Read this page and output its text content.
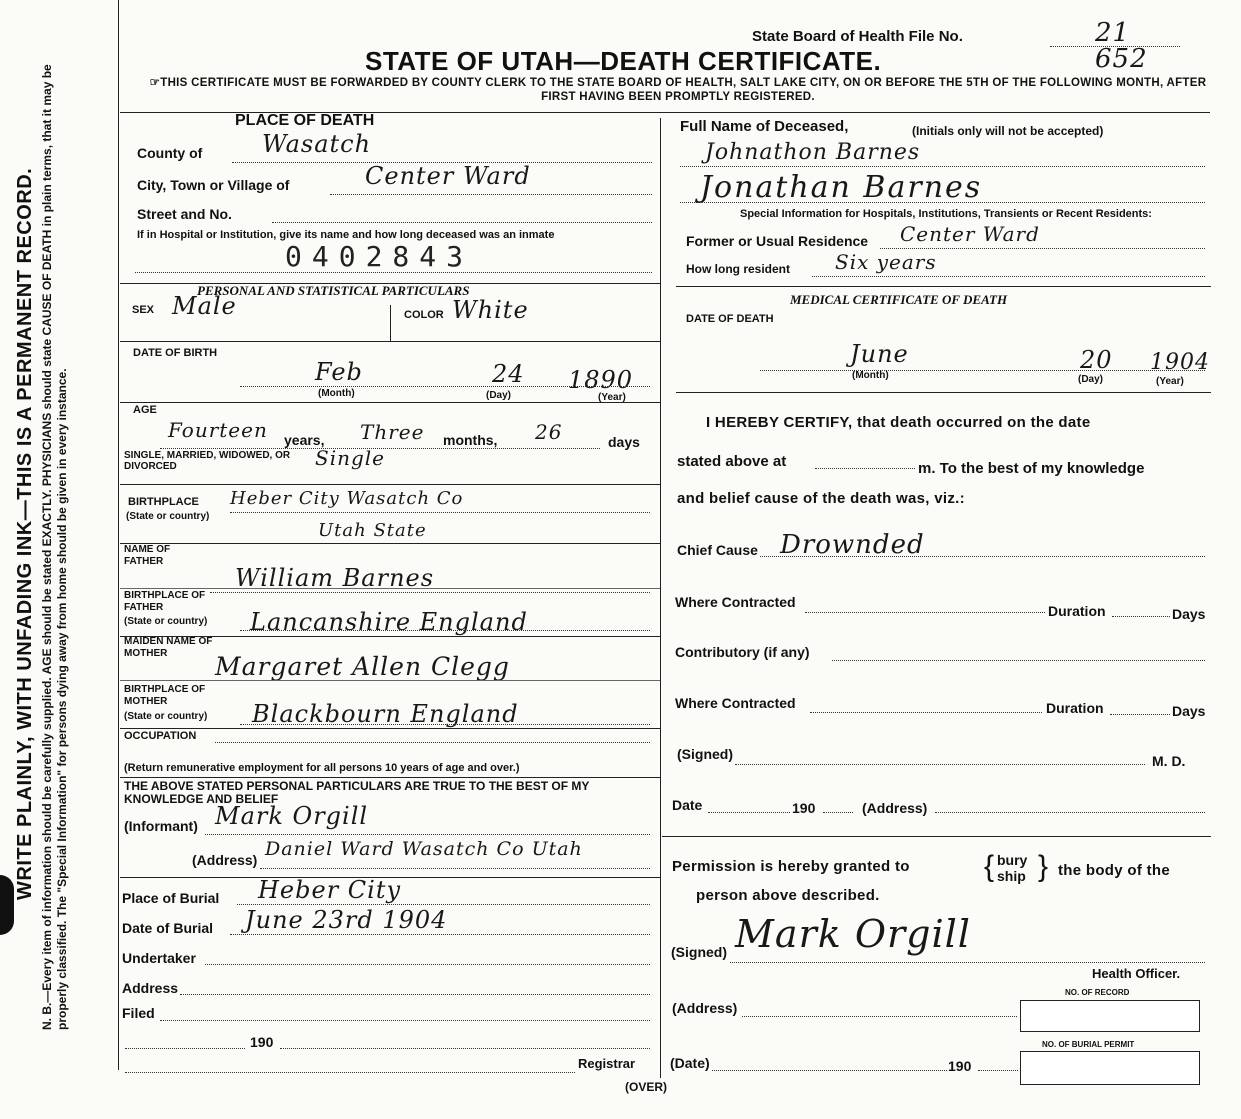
N. B.—Every item of information should be carefully supplied. AGE should be stated EXACTLY. PHYSICIANS should state CAUSE OF DEATH in plain terms, that it may be properly classified. The "Special Information" for persons dying away from home should be given in every instance.
WRITE PLAINLY, WITH UNFADING INK—THIS IS A PERMANENT RECORD.
State Board of Health File No.	21 652
STATE OF UTAH—DEATH CERTIFICATE.
☞THIS CERTIFICATE MUST BE FORWARDED BY COUNTY CLERK TO THE STATE BOARD OF HEALTH, SALT LAKE CITY, ON OR BEFORE THE 5TH OF THE FOLLOWING MONTH, AFTER FIRST HAVING BEEN PROMPTLY REGISTERED.
PLACE OF DEATH
County of Wasatch
City, Town or Village of	Center Ward
Street and No.
If in Hospital or Institution, give its name and how long deceased was an inmate
0402843
PERSONAL AND STATISTICAL PARTICULARS
SEX Male	COLOR White
DATE OF BIRTH
Feb	24 1890
(Month)	(Day)	(Year)
AGE
Fourteen years, Three months, 26	days
SINGLE, MARRIED, WIDOWED, OR DIVORCED	Single
BIRTHPLACE
(State or country)
Heber City Wasatch Co
Utah State
NAME OF FATHER
William Barnes
BIRTHPLACE OF FATHER
(State or country) Lancanshire England
MAIDEN NAME OF MOTHER	Margaret Allen Clegg
BIRTHPLACE OF MOTHER
(State or country) Blackbourn England
OCCUPATION
(Return remunerative employment for all persons 10 years of age and over.)
THE ABOVE STATED PERSONAL PARTICULARS ARE TRUE TO THE BEST OF MY KNOWLEDGE AND BELIEF
(Informant) Mark Orgill
(Address) Daniel Ward Wasatch Co Utah
Place of Burial Heber City
Date of Burial June 23rd 1904
Undertaker
Address
Filed
190
Registrar
(OVER)
Full Name of Deceased,	(Initials only will not be accepted)
Johnathon Barnes
Jonathan Barnes
Special Information for Hospitals, Institutions, Transients or Recent Residents:
Former or Usual Residence Center Ward
How long resident Six years
MEDICAL CERTIFICATE OF DEATH
DATE OF DEATH
June	20 1904
(Month)	(Day)	(Year)
I HEREBY CERTIFY, that death occurred on the date
stated above at	m. To the best of my knowledge
and belief cause of the death was, viz.:
Chief Cause Drownded
Where Contracted
Duration	Days
Contributory (if any)
Where Contracted	Duration	Days
(Signed)	M. D.
Date	190	(Address)
Permission is hereby granted to { bury
ship } the body of the
person above described.
(Signed) Mark Orgill
Health Officer.
NO. OF RECORD
(Address)
NO. OF BURIAL PERMIT
(Date)	190
